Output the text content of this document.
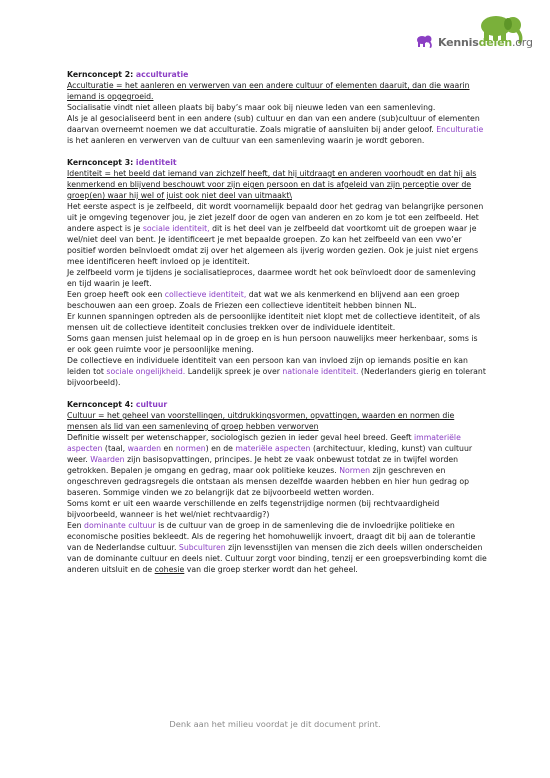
Kennisdelen.org
Kernconcept 2: acculturatie
Acculturatie = het aanleren en verwerven van een andere cultuur of elementen daaruit, dan die waarin iemand is opgegroeid.
Socialisatie vindt niet alleen plaats bij baby’s maar ook bij nieuwe leden van een samenleving.
Als je al gesocialiseerd bent in een andere (sub) cultuur en dan van een andere (sub)cultuur of elementen daarvan overneemt noemen we dat acculturatie. Zoals migratie of aansluiten bij ander geloof. Enculturatie is het aanleren en verwerven van de cultuur van een samenleving waarin je wordt geboren.
Kernconcept 3: identiteit
Identiteit = het beeld dat iemand van zichzelf heeft, dat hij uitdraagt en anderen voorhoudt en dat hij als kenmerkend en blijvend beschouwt voor zijn eigen persoon en dat is afgeleid van zijn perceptie over de groep(en) waar hij wel of juist ook niet deel van uitmaakt\
Het eerste aspect is je zelfbeeld, dit wordt voornamelijk bepaald door het gedrag van belangrijke personen uit je omgeving tegenover jou, je ziet jezelf door de ogen van anderen en zo kom je tot een zelfbeeld. Het andere aspect is je sociale identiteit, dit is het deel van je zelfbeeld dat voortkomt uit de groepen waar je wel/niet deel van bent. Je identificeert je met bepaalde groepen. Zo kan het zelfbeeld van een vwo’er positief worden beïnvloedt omdat zij over het algemeen als ijverig worden gezien. Ook je juist niet ergens mee identificeren heeft invloed op je identiteit.
Je zelfbeeld vorm je tijdens je socialisatieproces, daarmee wordt het ook beïnvloedt door de samenleving en tijd waarin je leeft.
Een groep heeft ook een collectieve identiteit, dat wat we als kenmerkend en blijvend aan een groep beschouwen aan een groep. Zoals de Friezen een collectieve identiteit hebben binnen NL.
Er kunnen spanningen optreden als de persoonlijke identiteit niet klopt met de collectieve identiteit, of als mensen uit de collectieve identiteit conclusies trekken over de individuele identiteit.
Soms gaan mensen juist helemaal op in de groep en is hun persoon nauwelijks meer herkenbaar, soms is er ook geen ruimte voor je persoonlijke mening.
De collectieve en individuele identiteit van een persoon kan van invloed zijn op iemands positie en kan leiden tot sociale ongelijkheid. Landelijk spreek je over nationale identiteit. (Nederlanders gierig en tolerant bijvoorbeeld).
Kernconcept 4: cultuur
Cultuur = het geheel van voorstellingen, uitdrukkingsvormen, opvattingen, waarden en normen die mensen als lid van een samenleving of groep hebben verworven
Definitie wisselt per wetenschapper, sociologisch gezien in ieder geval heel breed. Geeft immateriële aspecten (taal, waarden en normen) en de materiële aspecten (architectuur, kleding, kunst) van cultuur weer. Waarden zijn basisopvattingen, principes. Je hebt ze vaak onbewust totdat ze in twijfel worden getrokken. Bepalen je omgang en gedrag, maar ook politieke keuzes. Normen zijn geschreven en ongeschreven gedragsregels die ontstaan als mensen dezelfde waarden hebben en hier hun gedrag op baseren. Sommige vinden we zo belangrijk dat ze bijvoorbeeld wetten worden.
Soms komt er uit een waarde verschillende en zelfs tegenstrijdige normen (bij rechtvaardigheid bijvoorbeeld, wanneer is het wel/niet rechtvaardig?)
Een dominante cultuur is de cultuur van de groep in de samenleving die de invloedrijke politieke en economische posities bekleedt. Als de regering het homohuwelijk invoert, draagt dit bij aan de tolerantie van de Nederlandse cultuur. Subculturen zijn levensstijlen van mensen die zich deels willen onderscheiden van de dominante cultuur en deels niet. Cultuur zorgt voor binding, tenzij er een groepsverbinding komt die anderen uitsluit en de cohesie van die groep sterker wordt dan het geheel.
Denk aan het milieu voordat je dit document print.
